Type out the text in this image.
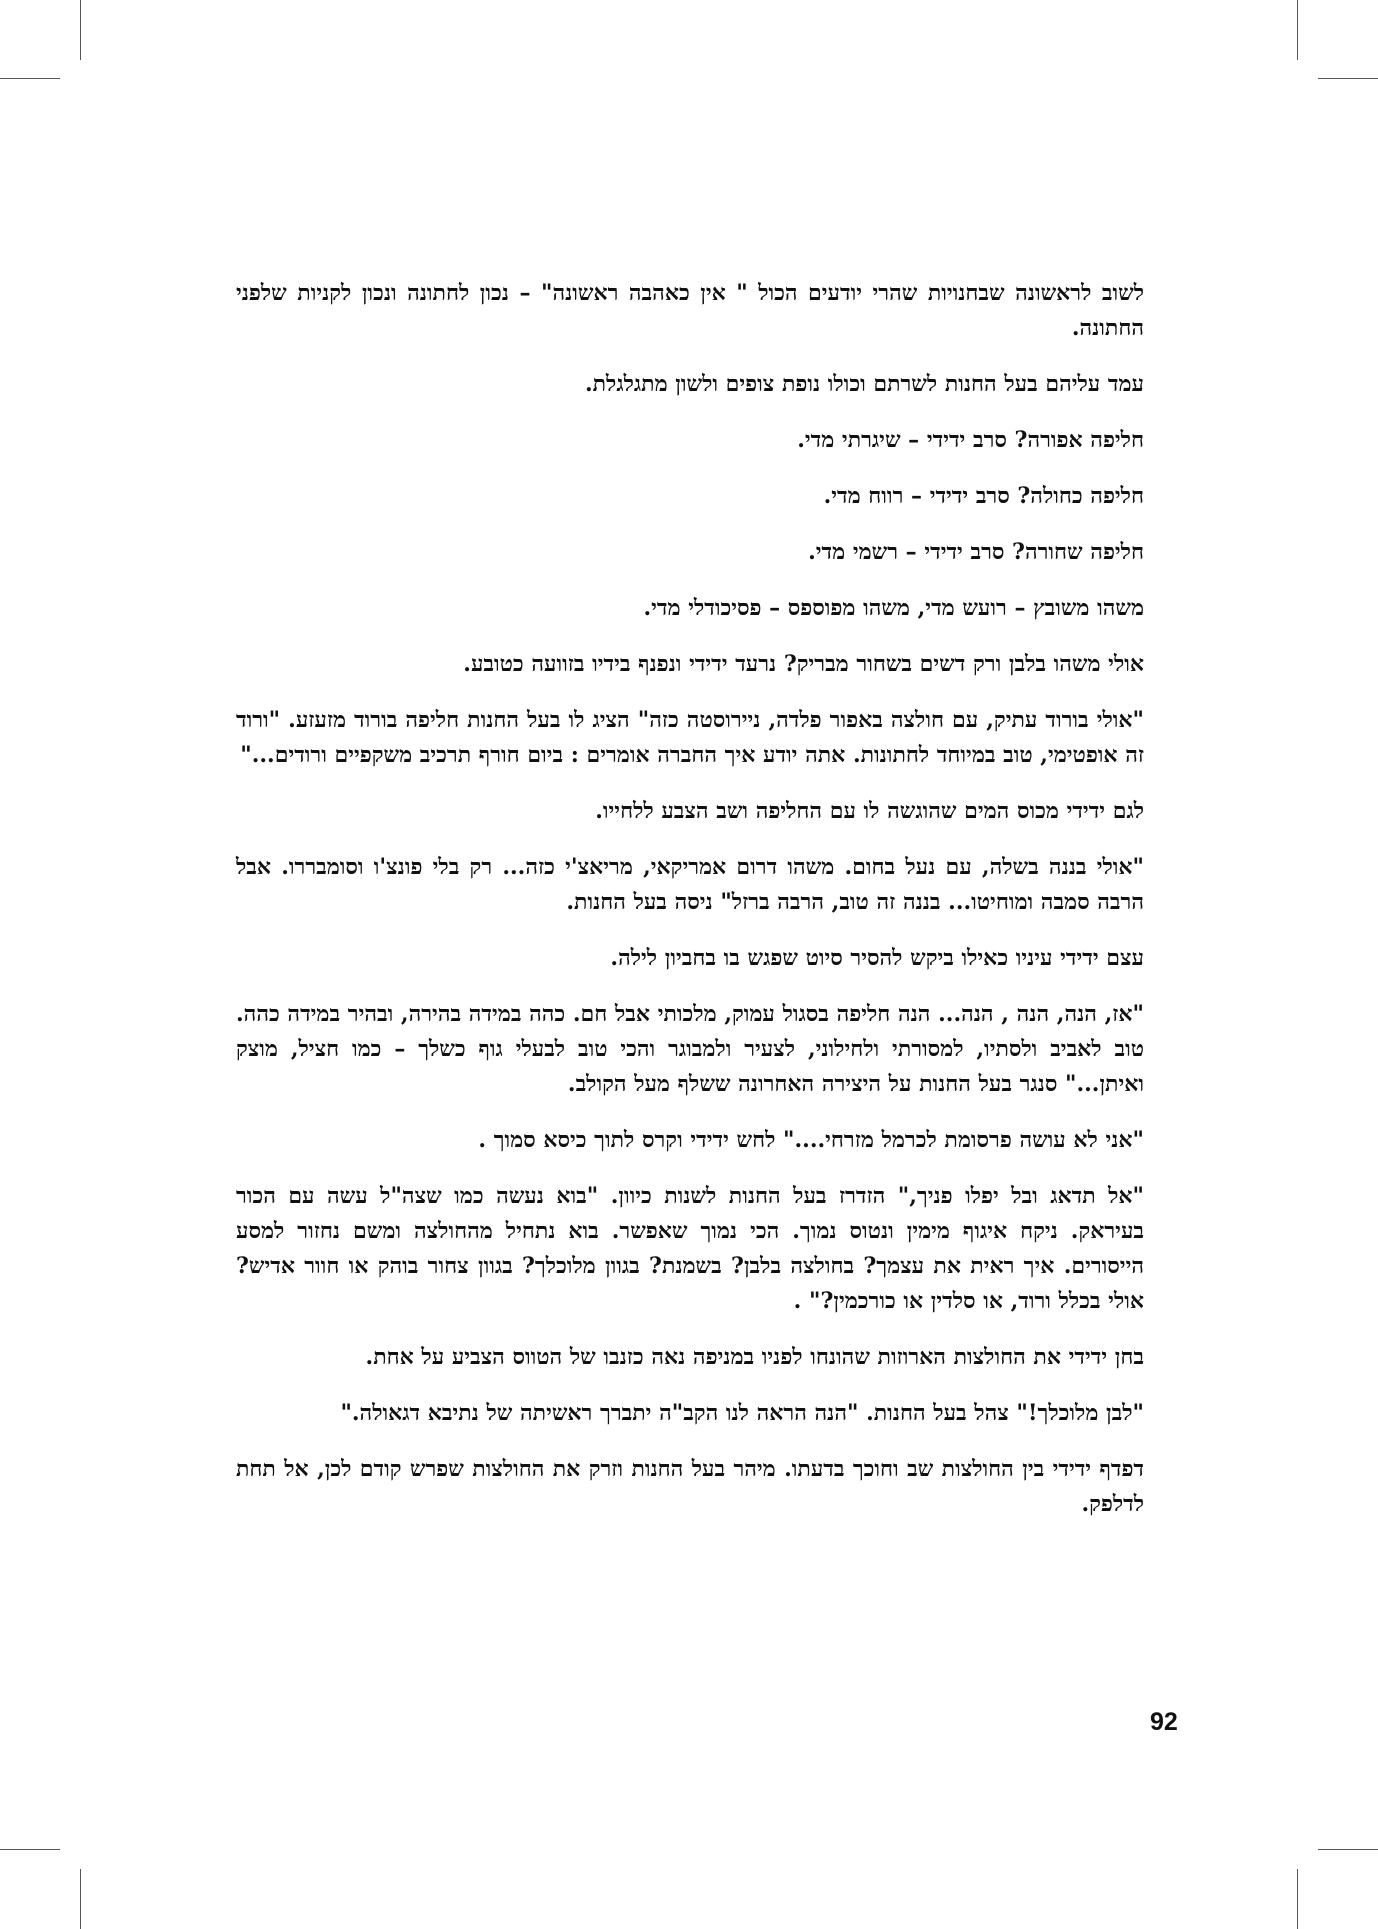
לשוב לראשונה שבחנויות שהרי יודעים הכול " אין כאהבה ראשונה" – נכון לחתונה ונכון לקניות שלפני החתונה.

עמד עליהם בעל החנות לשרתם וכולו נופת צופים ולשון מתגלגלת.

חליפה אפורה? סרב ידידי – שיגרתי מדי.

חליפה כחולה? סרב ידידי – רווח מדי.

חליפה שחורה? סרב ידידי – רשמי מדי.

משהו משובץ – רועש מדי, משהו מפוספס – פסיכודלי מדי.

אולי משהו בלבן ורק דשים בשחור מבריק? נרעד ידידי ונפנף בידיו בזוועה כטובע.

"אולי בורוד עתיק, עם חולצה באפור פלדה, ניירוסטה כזה" הציג לו בעל החנות חליפה בורוד מזעזע. "ורוד זה אופטימי, טוב במיוחד לחתונות. אתה יודע איך החברה אומרים : ביום חורף תרכיב משקפיים ורודים..."

לגם ידידי מכוס המים שהוגשה לו עם החליפה ושב הצבע ללחייו.

"אולי בננה בשלה, עם נעל בחום. משהו דרום אמריקאי, מריאצ'י כזה... רק בלי פונצ'ו וסומבררו. אבל הרבה סמבה ומוחיטו... בננה זה טוב, הרבה ברזל" ניסה בעל החנות.

עצם ידידי עיניו כאילו ביקש להסיר סיוט שפגש בו בחביון לילה.

"אז, הנה, הנה , הנה... הנה חליפה בסגול עמוק, מלכותי אבל חם. כהה במידה בהירה, ובהיר במידה כהה. טוב לאביב ולסתיו, למסורתי ולחילוני, לצעיר ולמבוגר והכי טוב לבעלי גוף כשלך – כמו חציל, מוצק ואיתן..." סנגר בעל החנות על היצירה האחרונה ששלף מעל הקולב.

"אני לא עושה פרסומת לכרמל מזרחי...." לחש ידידי וקרס לתוך כיסא סמוך .

"אל תדאג ובל יפלו פניך," הזדרז בעל החנות לשנות כיוון. "בוא נעשה כמו שצה"ל עשה עם הכור בעיראק. ניקח איגוף מימין ונטוס נמוך. הכי נמוך שאפשר. בוא נתחיל מהחולצה ומשם נחזור למסע הייסורים. איך ראית את עצמך? בחולצה בלבן? בשמנת? בגוון מלוכלך? בגוון צחור בוהק או חוור אדיש? אולי בכלל ורוד, או סלדין או כורכמין?" .

בחן ידידי את החולצות הארוזות שהונחו לפניו במניפה נאה כזנבו של הטווס הצביע על אחת.

"לבן מלוכלך!" צהל בעל החנות. "הנה הראה לנו הקב"ה יתברך ראשיתה של נתיבא דגאולה."

דפדף ידידי בין החולצות שב וחוכך בדעתו. מיהר בעל החנות וזרק את החולצות שפרש קודם לכן, אל תחת לדלפק.

92
